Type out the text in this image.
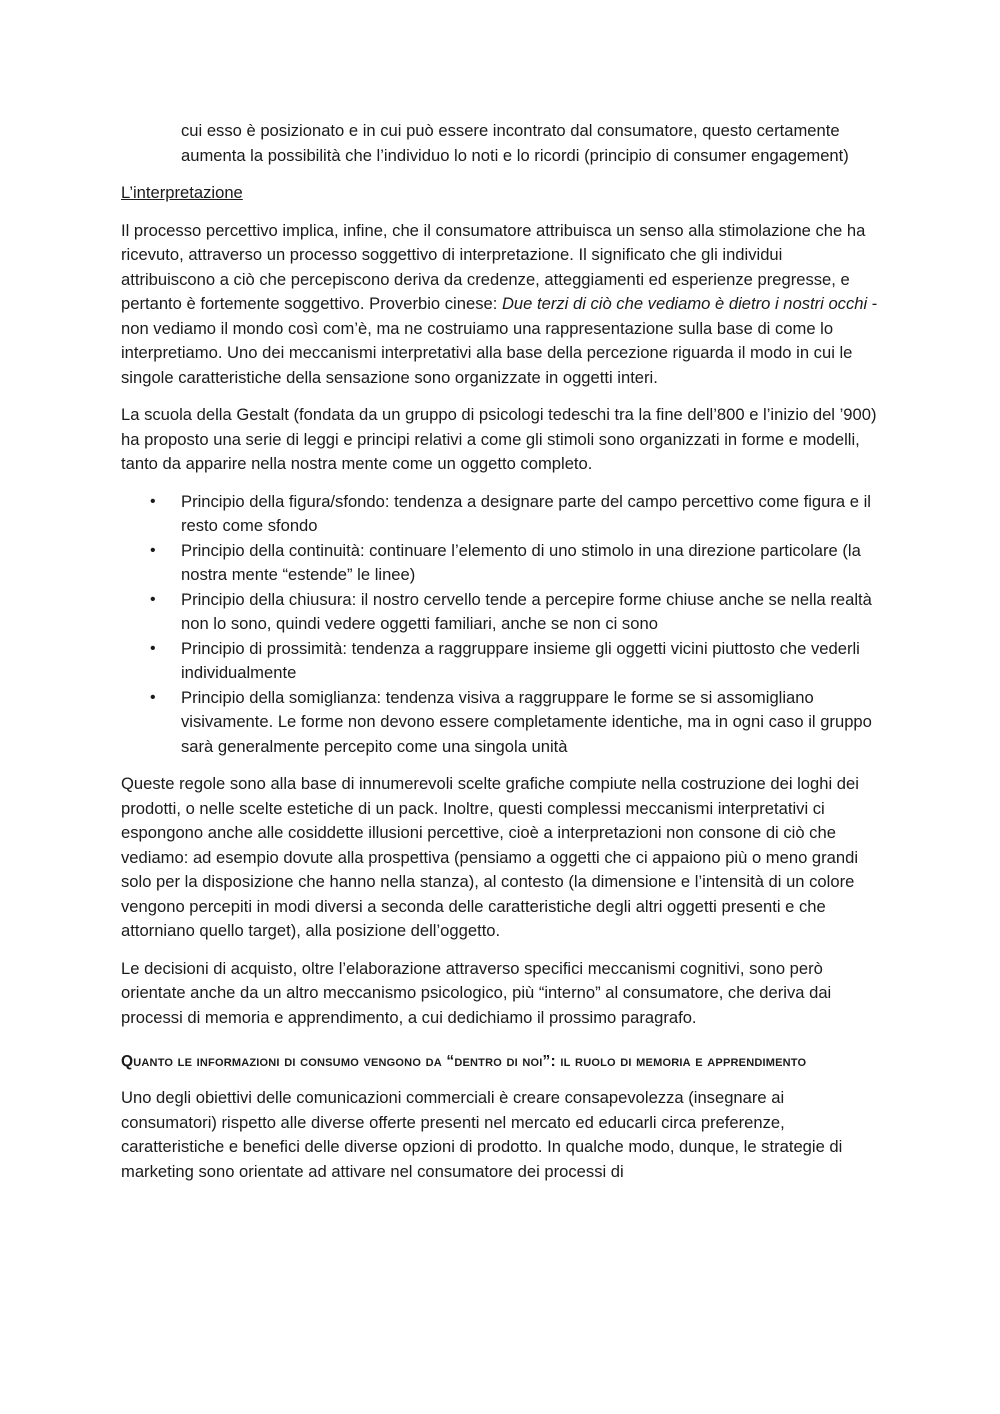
cui esso è posizionato e in cui può essere incontrato dal consumatore, questo certamente aumenta la possibilità che l’individuo lo noti e lo ricordi (principio di consumer engagement)

L’interpretazione

Il processo percettivo implica, infine, che il consumatore attribuisca un senso alla stimolazione che ha ricevuto, attraverso un processo soggettivo di interpretazione. Il significato che gli individui attribuiscono a ciò che percepiscono deriva da credenze, atteggiamenti ed esperienze pregresse, e pertanto è fortemente soggettivo. Proverbio cinese: Due terzi di ciò che vediamo è dietro i nostri occhi - non vediamo il mondo così com’è, ma ne costruiamo una rappresentazione sulla base di come lo interpretiamo. Uno dei meccanismi interpretativi alla base della percezione riguarda il modo in cui le singole caratteristiche della sensazione sono organizzate in oggetti interi.

La scuola della Gestalt (fondata da un gruppo di psicologi tedeschi tra la fine dell’800 e l’inizio del ’900) ha proposto una serie di leggi e principi relativi a come gli stimoli sono organizzati in forme e modelli, tanto da apparire nella nostra mente come un oggetto completo.

• Principio della figura/sfondo: tendenza a designare parte del campo percettivo come figura e il resto come sfondo
• Principio della continuità: continuare l’elemento di uno stimolo in una direzione particolare (la nostra mente “estende” le linee)
• Principio della chiusura: il nostro cervello tende a percepire forme chiuse anche se nella realtà non lo sono, quindi vedere oggetti familiari, anche se non ci sono
• Principio di prossimità: tendenza a raggruppare insieme gli oggetti vicini piuttosto che vederli individualmente
• Principio della somiglianza: tendenza visiva a raggruppare le forme se si assomigliano visivamente. Le forme non devono essere completamente identiche, ma in ogni caso il gruppo sarà generalmente percepito come una singola unità

Queste regole sono alla base di innumerevoli scelte grafiche compiute nella costruzione dei loghi dei prodotti, o nelle scelte estetiche di un pack. Inoltre, questi complessi meccanismi interpretativi ci espongono anche alle cosiddette illusioni percettive, cioè a interpretazioni non consone di ciò che vediamo: ad esempio dovute alla prospettiva (pensiamo a oggetti che ci appaiono più o meno grandi solo per la disposizione che hanno nella stanza), al contesto (la dimensione e l’intensità di un colore vengono percepiti in modi diversi a seconda delle caratteristiche degli altri oggetti presenti e che attorniano quello target), alla posizione dell’oggetto.

Le decisioni di acquisto, oltre l’elaborazione attraverso specifici meccanismi cognitivi, sono però orientate anche da un altro meccanismo psicologico, più “interno” al consumatore, che deriva dai processi di memoria e apprendimento, a cui dedichiamo il prossimo paragrafo.

Quanto le informazioni di consumo vengono da “dentro di noi”: il ruolo di memoria e apprendimento

Uno degli obiettivi delle comunicazioni commerciali è creare consapevolezza (insegnare ai consumatori) rispetto alle diverse offerte presenti nel mercato ed educarli circa preferenze, caratteristiche e benefici delle diverse opzioni di prodotto. In qualche modo, dunque, le strategie di marketing sono orientate ad attivare nel consumatore dei processi di
